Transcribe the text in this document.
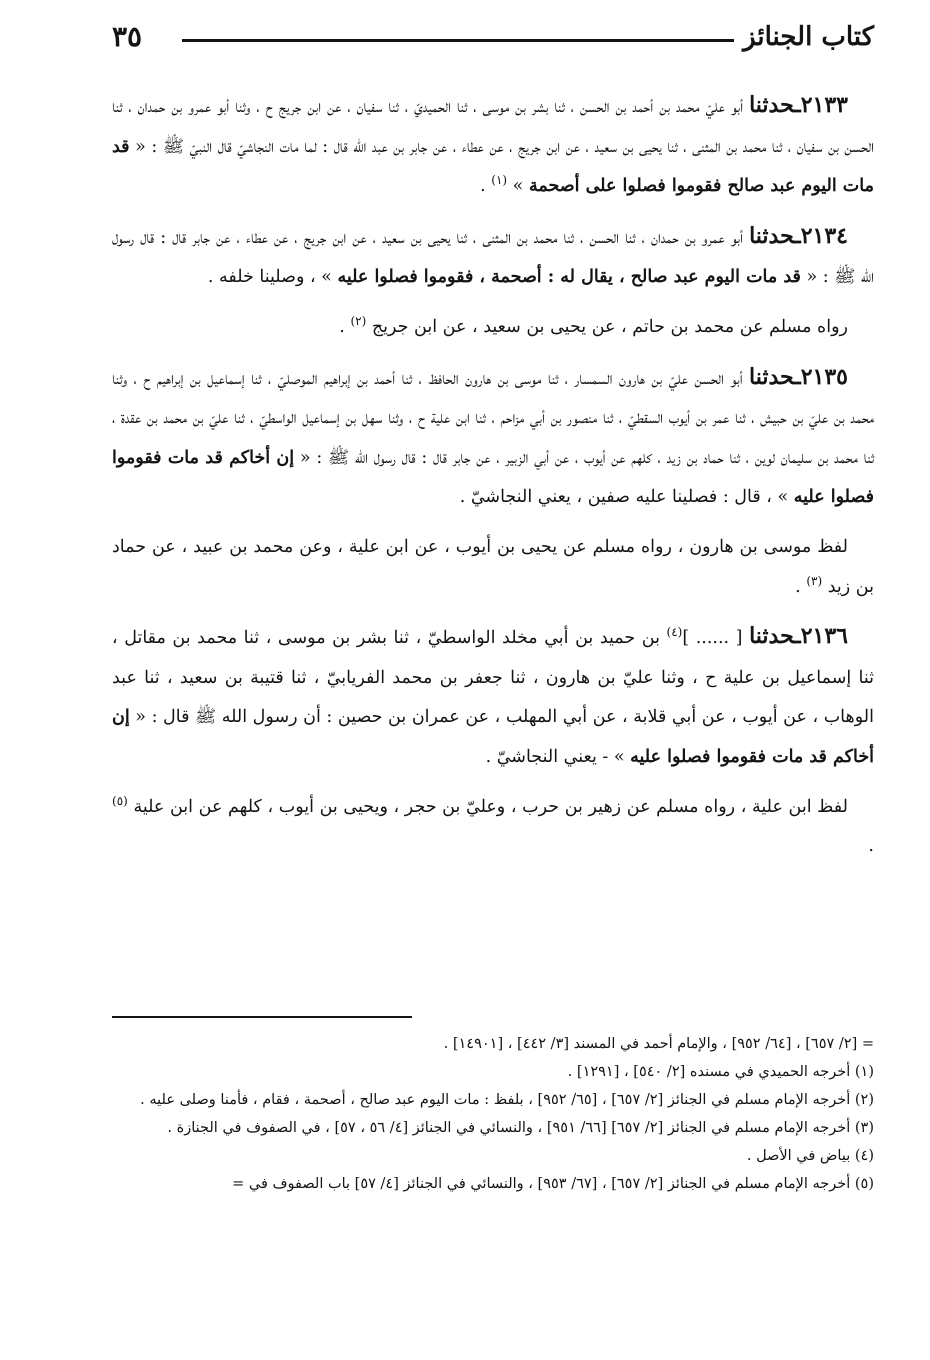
كتاب الجنائز
٣٥

٢١٣٣ـحدثنا أبو عليّ محمد بن أحمد بن الحسن ، ثنا بشر بن موسى ، ثنا الحميديّ ، ثنا سفيان ، عن ابن جريج ح ، وثنا أبو عمرو بن حمدان ، ثنا الحسن بن سفيان ، ثنا محمد بن المثنى ، ثنا يحيى بن سعيد ، عن ابن جريج ، عن عطاء ، عن جابر بن عبد الله قال : لما مات النجاشيّ قال النبيّ ﷺ : « قد مات اليوم عبد صالح فقوموا فصلوا على أصحمة » $^{(١)}$ .

٢١٣٤ـحدثنا أبو عمرو بن حمدان ، ثنا الحسن ، ثنا محمد بن المثنى ، ثنا يحيى بن سعيد ، عن ابن جريج ، عن عطاء ، عن جابر قال : قال رسول الله ﷺ : « قد مات اليوم عبد صالح ، يقال له : أصحمة ، فقوموا فصلوا عليه » ، وصلينا خلفه .

رواه مسلم عن محمد بن حاتم ، عن يحيى بن سعيد ، عن ابن جريج $^{(٢)}$ .

٢١٣٥ـحدثنا أبو الحسن عليّ بن هارون السمسار ، ثنا موسى بن هارون الحافظ ، ثنا أحمد بن إبراهيم الموصليّ ، ثنا إسماعيل بن إبراهيم ح ، وثنا محمد بن عليّ بن حبيش ، ثنا عمر بن أيوب السقطيّ ، ثنا منصور بن أبي مزاحم ، ثنا ابن علية ح ، وثنا سهل بن إسماعيل الواسطيّ ، ثنا عليّ بن محمد بن عقدة ، ثنا محمد بن سليمان لوين ، ثنا حماد بن زيد ، كلهم عن أيوب ، عن أبي الزبير ، عن جابر قال : قال رسول الله ﷺ : « إن أخاكم قد مات فقوموا فصلوا عليه » ، قال : فصلينا عليه صفين ، يعني النجاشيّ .

لفظ موسى بن هارون ، رواه مسلم عن يحيى بن أيوب ، عن ابن علية ، وعن محمد بن عبيد ، عن حماد بن زيد $^{(٣)}$ .

٢١٣٦ـحدثنا [ ...... ]$^{(٤)}$ بن حميد بن أبي مخلد الواسطيّ ، ثنا بشر بن موسى ، ثنا محمد بن مقاتل ، ثنا إسماعيل بن علية ح ، وثنا عليّ بن هارون ، ثنا جعفر بن محمد الفريابيّ ، ثنا قتيبة بن سعيد ، ثنا عبد الوهاب ، عن أيوب ، عن أبي قلابة ، عن أبي المهلب ، عن عمران بن حصين : أن رسول الله ﷺ قال : « إن أخاكم قد مات فقوموا فصلوا عليه » - يعني النجاشيّ .

لفظ ابن علية ، رواه مسلم عن زهير بن حرب ، وعليّ بن حجر ، ويحيى بن أيوب ، كلهم عن ابن علية $^{(٥)}$ .

= [٢/ ٦٥٧] ، [٦٤/ ٩٥٢] ، والإمام أحمد في المسند [٣/ ٤٤٢] ، [١٤٩٠١] .

(١) أخرجه الحميدي في مسنده [٢/ ٥٤٠] ، [١٢٩١] .

(٢) أخرجه الإمام مسلم في الجنائز [٢/ ٦٥٧] ، [٦٥/ ٩٥٢] ، بلفظ : مات اليوم عبد صالح ، أصحمة ، فقام ، فأمنا وصلى عليه .

(٣) أخرجه الإمام مسلم في الجنائز [٢/ ٦٥٧] [٦٦/ ٩٥١] ، والنسائي في الجنائز [٤/ ٥٦ ، ٥٧] ، في الصفوف في الجنازة .

(٤) بياض في الأصل .

(٥) أخرجه الإمام مسلم في الجنائز [٢/ ٦٥٧] ، [٦٧/ ٩٥٣] ، والنسائي في الجنائز [٤/ ٥٧] باب الصفوف في =
